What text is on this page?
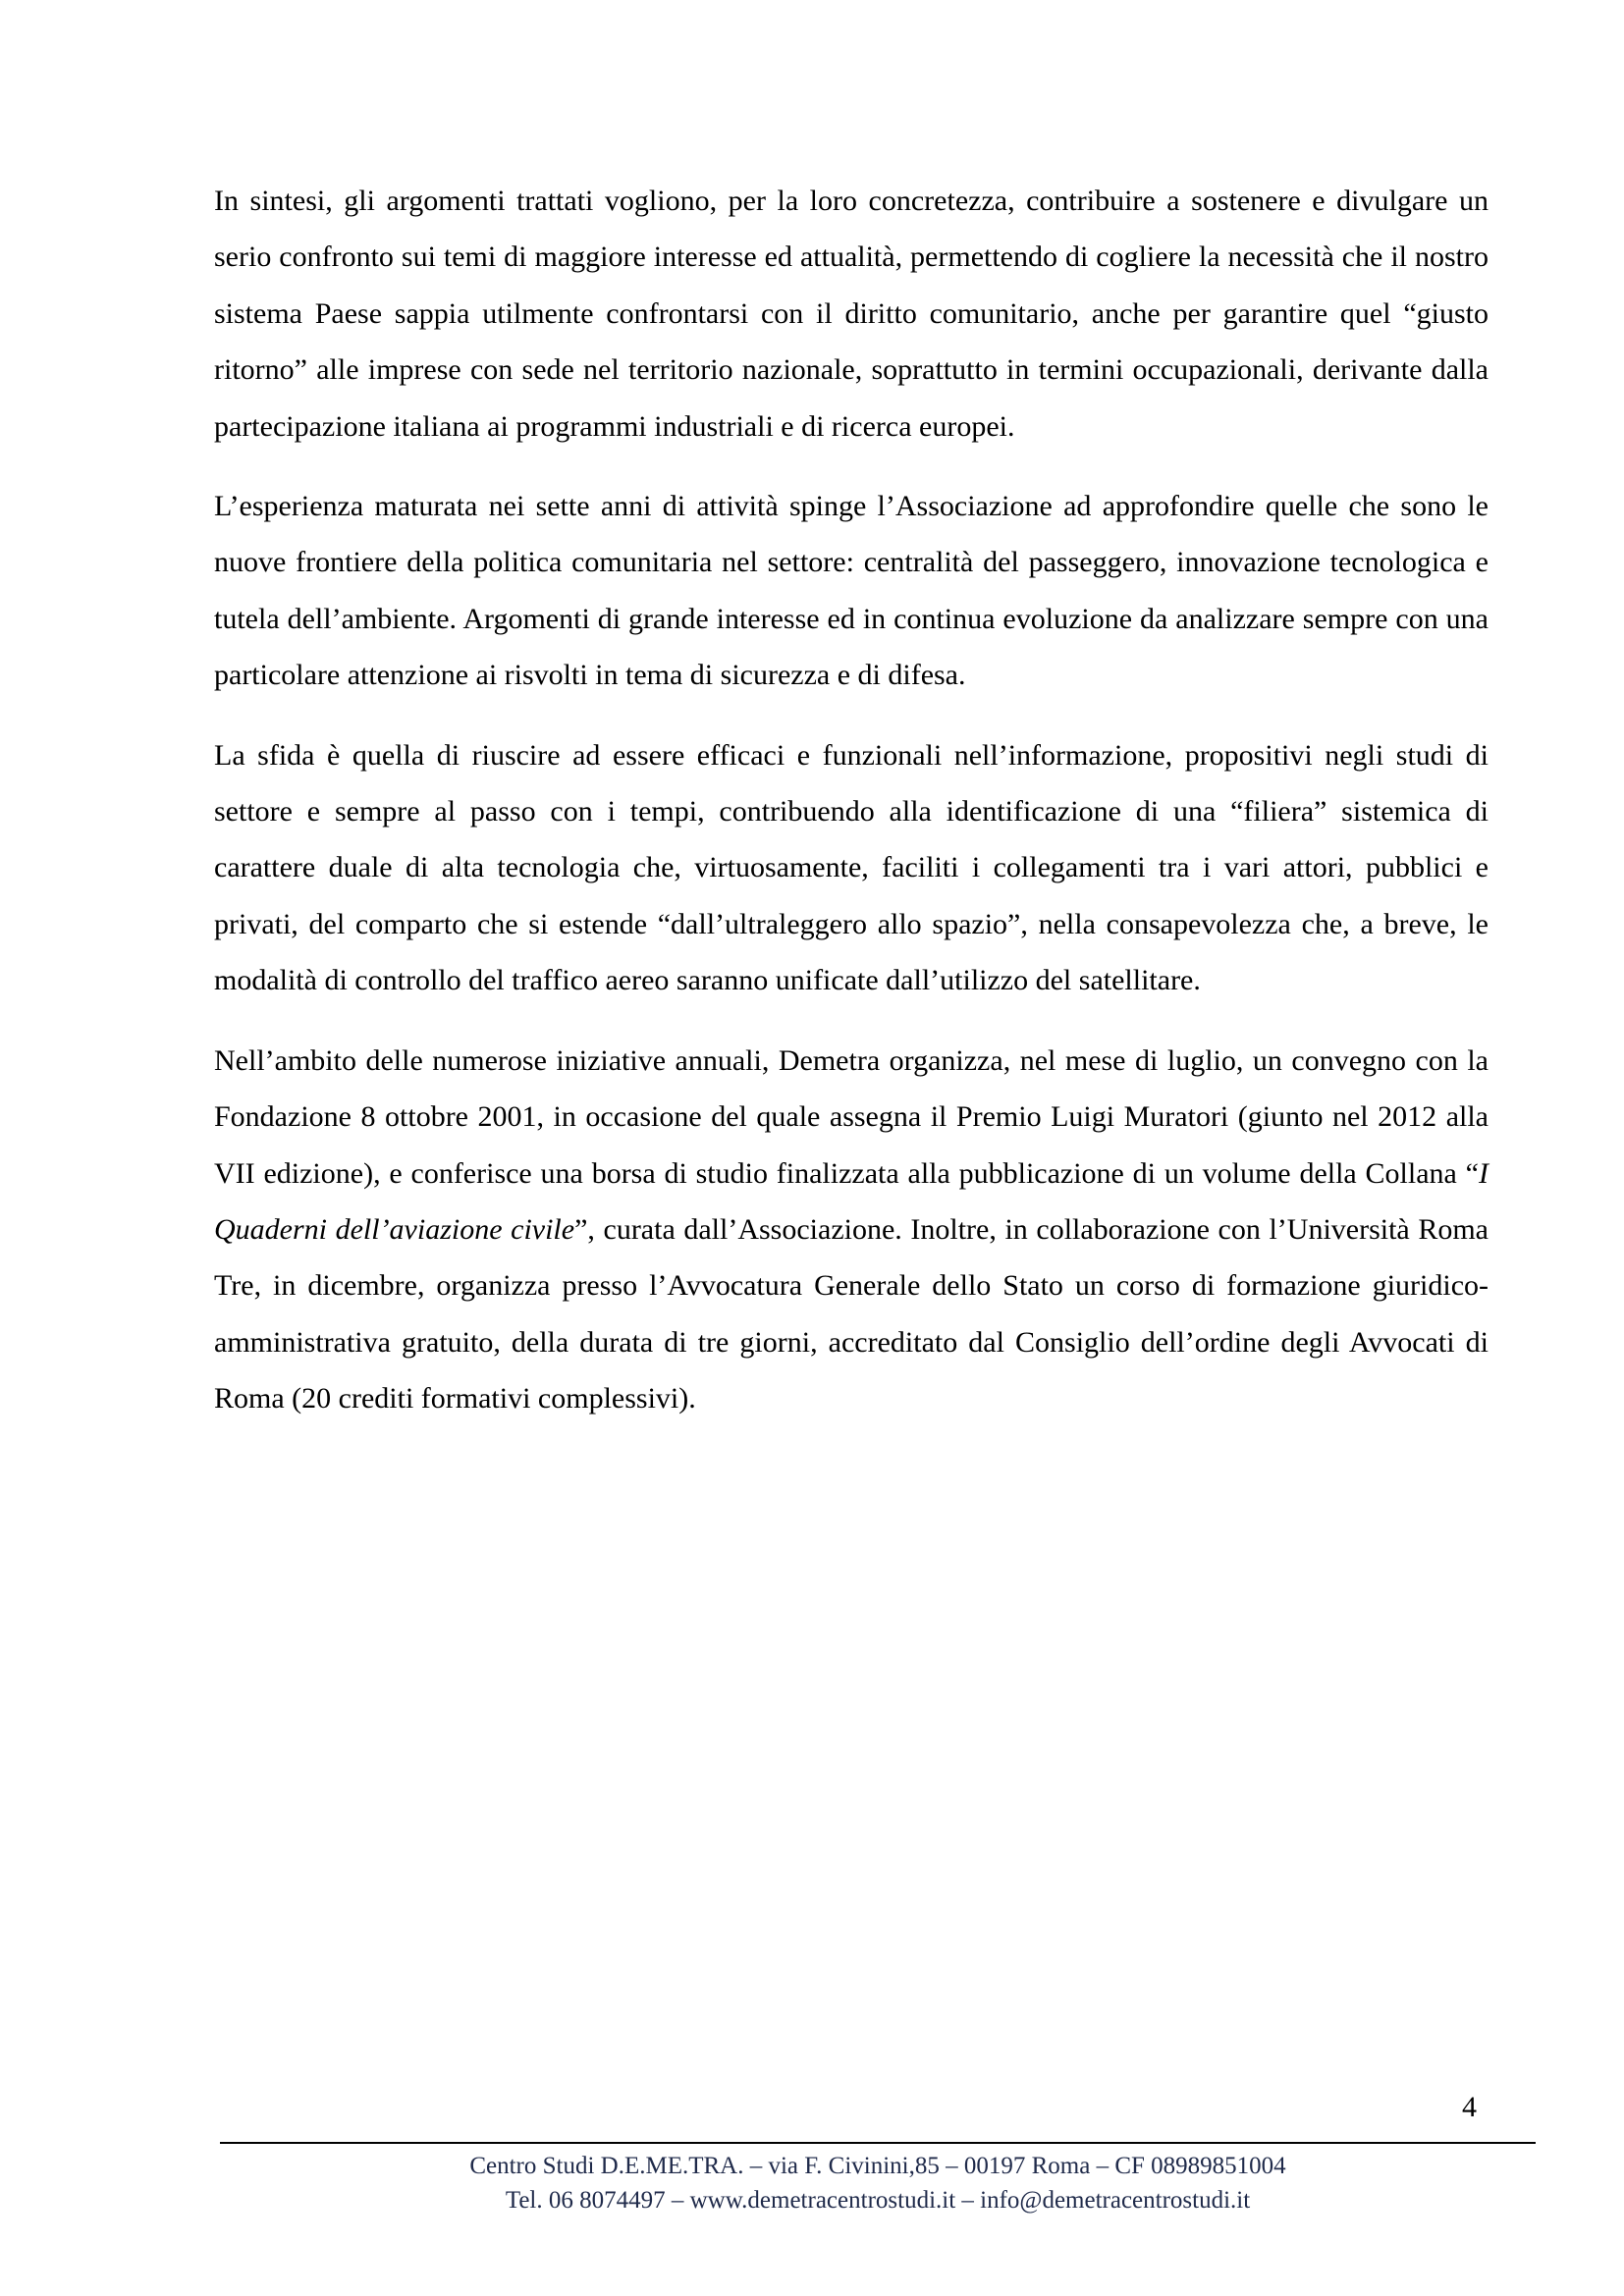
In sintesi, gli argomenti trattati vogliono, per la loro concretezza, contribuire a sostenere e divulgare un serio confronto sui temi di maggiore interesse ed attualità, permettendo di cogliere la necessità che il nostro sistema Paese sappia utilmente confrontarsi con il diritto comunitario, anche per garantire quel “giusto ritorno” alle imprese con sede nel territorio nazionale, soprattutto in termini occupazionali, derivante dalla partecipazione italiana ai programmi industriali e di ricerca europei.

L’esperienza maturata nei sette anni di attività spinge l’Associazione ad approfondire quelle che sono le nuove frontiere della politica comunitaria nel settore: centralità del passeggero, innovazione tecnologica e tutela dell’ambiente. Argomenti di grande interesse ed in continua evoluzione da analizzare sempre con una particolare attenzione ai risvolti in tema di sicurezza e di difesa.

La sfida è quella di riuscire ad essere efficaci e funzionali nell’informazione, propositivi negli studi di settore e sempre al passo con i tempi, contribuendo alla identificazione di una “filiera” sistemica di carattere duale di alta tecnologia che, virtuosamente, faciliti i collegamenti tra i vari attori, pubblici e privati, del comparto che si estende “dall’ultraleggero allo spazio”, nella consapevolezza che, a breve, le modalità di controllo del traffico aereo saranno unificate dall’utilizzo del satellitare.

Nell’ambito delle numerose iniziative annuali, Demetra organizza, nel mese di luglio, un convegno con la Fondazione 8 ottobre 2001, in occasione del quale assegna il Premio Luigi Muratori (giunto nel 2012 alla VII edizione), e conferisce una borsa di studio finalizzata alla pubblicazione di un volume della Collana “I Quaderni dell’aviazione civile”, curata dall’Associazione. Inoltre, in collaborazione con l’Università Roma Tre, in dicembre, organizza presso l’Avvocatura Generale dello Stato un corso di formazione giuridico-amministrativa gratuito, della durata di tre giorni, accreditato dal Consiglio dell’ordine degli Avvocati di Roma (20 crediti formativi complessivi).

4
Centro Studi D.E.ME.TRA. – via F. Civinini,85 – 00197 Roma – CF 08989851004
Tel. 06 8074497 – www.demetracentrostudi.it – info@demetracentrostudi.it
